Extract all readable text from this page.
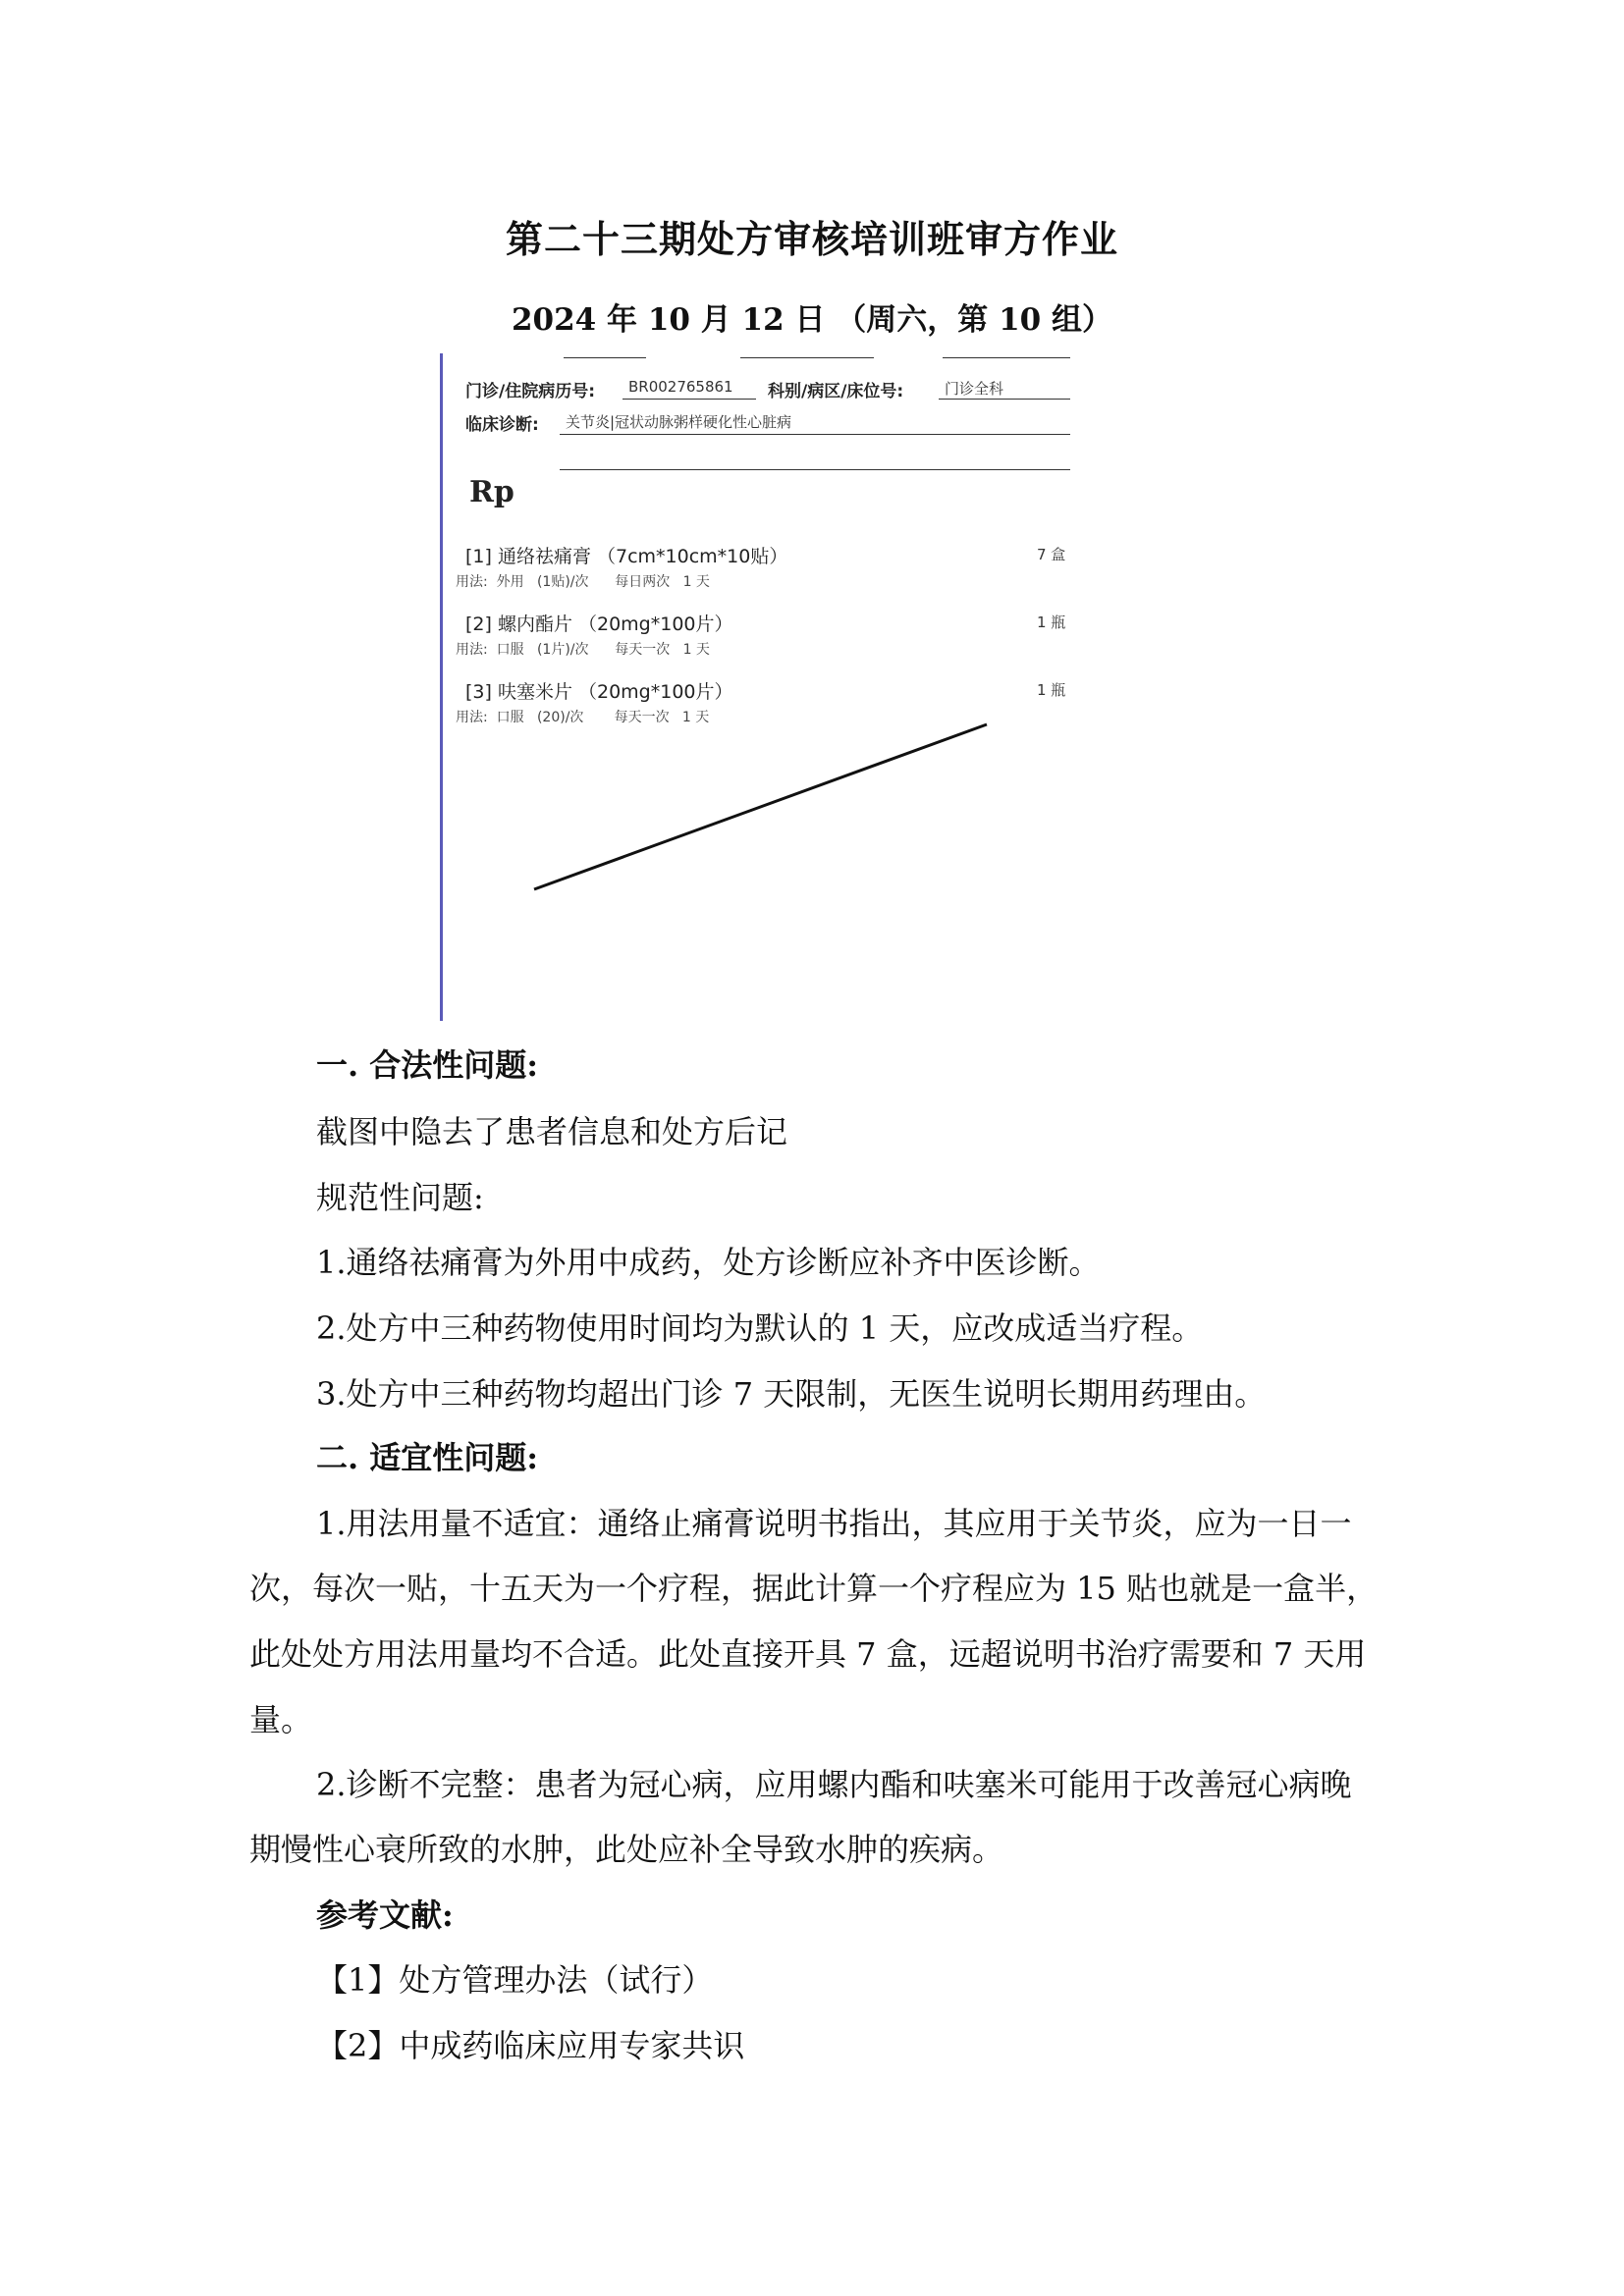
第二十三期处方审核培训班审方作业
2024 年 10 月 12 日 （周六，第 10 组）
门诊/住院病历号: BR002765861 科别/病区/床位号:	门诊全科
临床诊断: 关节炎|冠状动脉粥样硬化性心脏病
Rp
[1] 通络祛痛膏 （7cm*10cm*10贴）	7 盒
用法:  外用   (1贴)/次      每日两次   1 天
[2] 螺内酯片 （20mg*100片）	1 瓶
用法:  口服   (1片)/次      每天一次   1 天
[3] 呋塞米片 （20mg*100片）	1 瓶
用法:  口服   (20)/次       每天一次   1 天
一. 合法性问题:
截图中隐去了患者信息和处方后记
规范性问题:
1.通络祛痛膏为外用中成药，处方诊断应补齐中医诊断。
2.处方中三种药物使用时间均为默认的 1 天，应改成适当疗程。
3.处方中三种药物均超出门诊 7 天限制，无医生说明长期用药理由。
二. 适宜性问题:
1.用法用量不适宜：通络止痛膏说明书指出，其应用于关节炎，应为一日一
次，每次一贴，十五天为一个疗程，据此计算一个疗程应为 15 贴也就是一盒半，
此处处方用法用量均不合适。此处直接开具 7 盒，远超说明书治疗需要和 7 天用
量。
2.诊断不完整：患者为冠心病，应用螺内酯和呋塞米可能用于改善冠心病晚
期慢性心衰所致的水肿，此处应补全导致水肿的疾病。
参考文献:
【1】处方管理办法（试行）
【2】中成药临床应用专家共识
